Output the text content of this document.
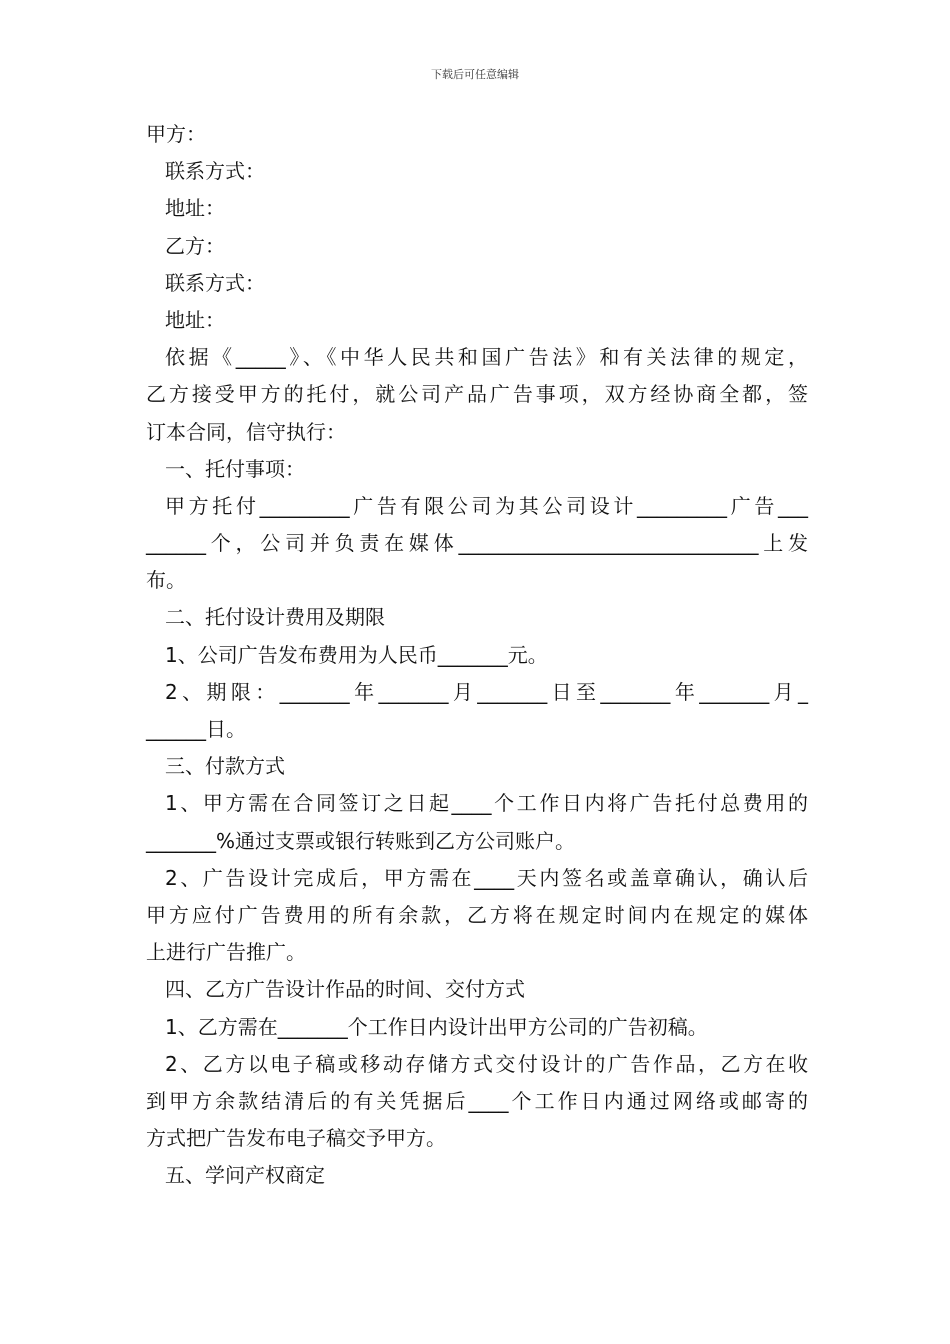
下载后可任意编辑
甲方：
联系方式：
地址：
乙方：
联系方式：
地址：
依据《_____》、《中华人民共和国广告法》和有关法律的规定，
乙方接受甲方的托付，就公司产品广告事项，双方经协商全都，签
订本合同，信守执行：
一、托付事项：
甲方托付_________广告有限公司为其公司设计_________广告___
______个，公司并负责在媒体______________________________上发
布。
二、托付设计费用及期限
1、公司广告发布费用为人民币_______元。
2、期限：_______年_______月_______日至_______年_______月_
______日。
三、付款方式
1、甲方需在合同签订之日起____个工作日内将广告托付总费用的
_______%通过支票或银行转账到乙方公司账户。
2、广告设计完成后，甲方需在____天内签名或盖章确认，确认后
甲方应付广告费用的所有余款，乙方将在规定时间内在规定的媒体
上进行广告推广。
四、乙方广告设计作品的时间、交付方式
1、乙方需在_______个工作日内设计出甲方公司的广告初稿。
2、乙方以电子稿或移动存储方式交付设计的广告作品，乙方在收
到甲方余款结清后的有关凭据后____个工作日内通过网络或邮寄的
方式把广告发布电子稿交予甲方。
五、学问产权商定
